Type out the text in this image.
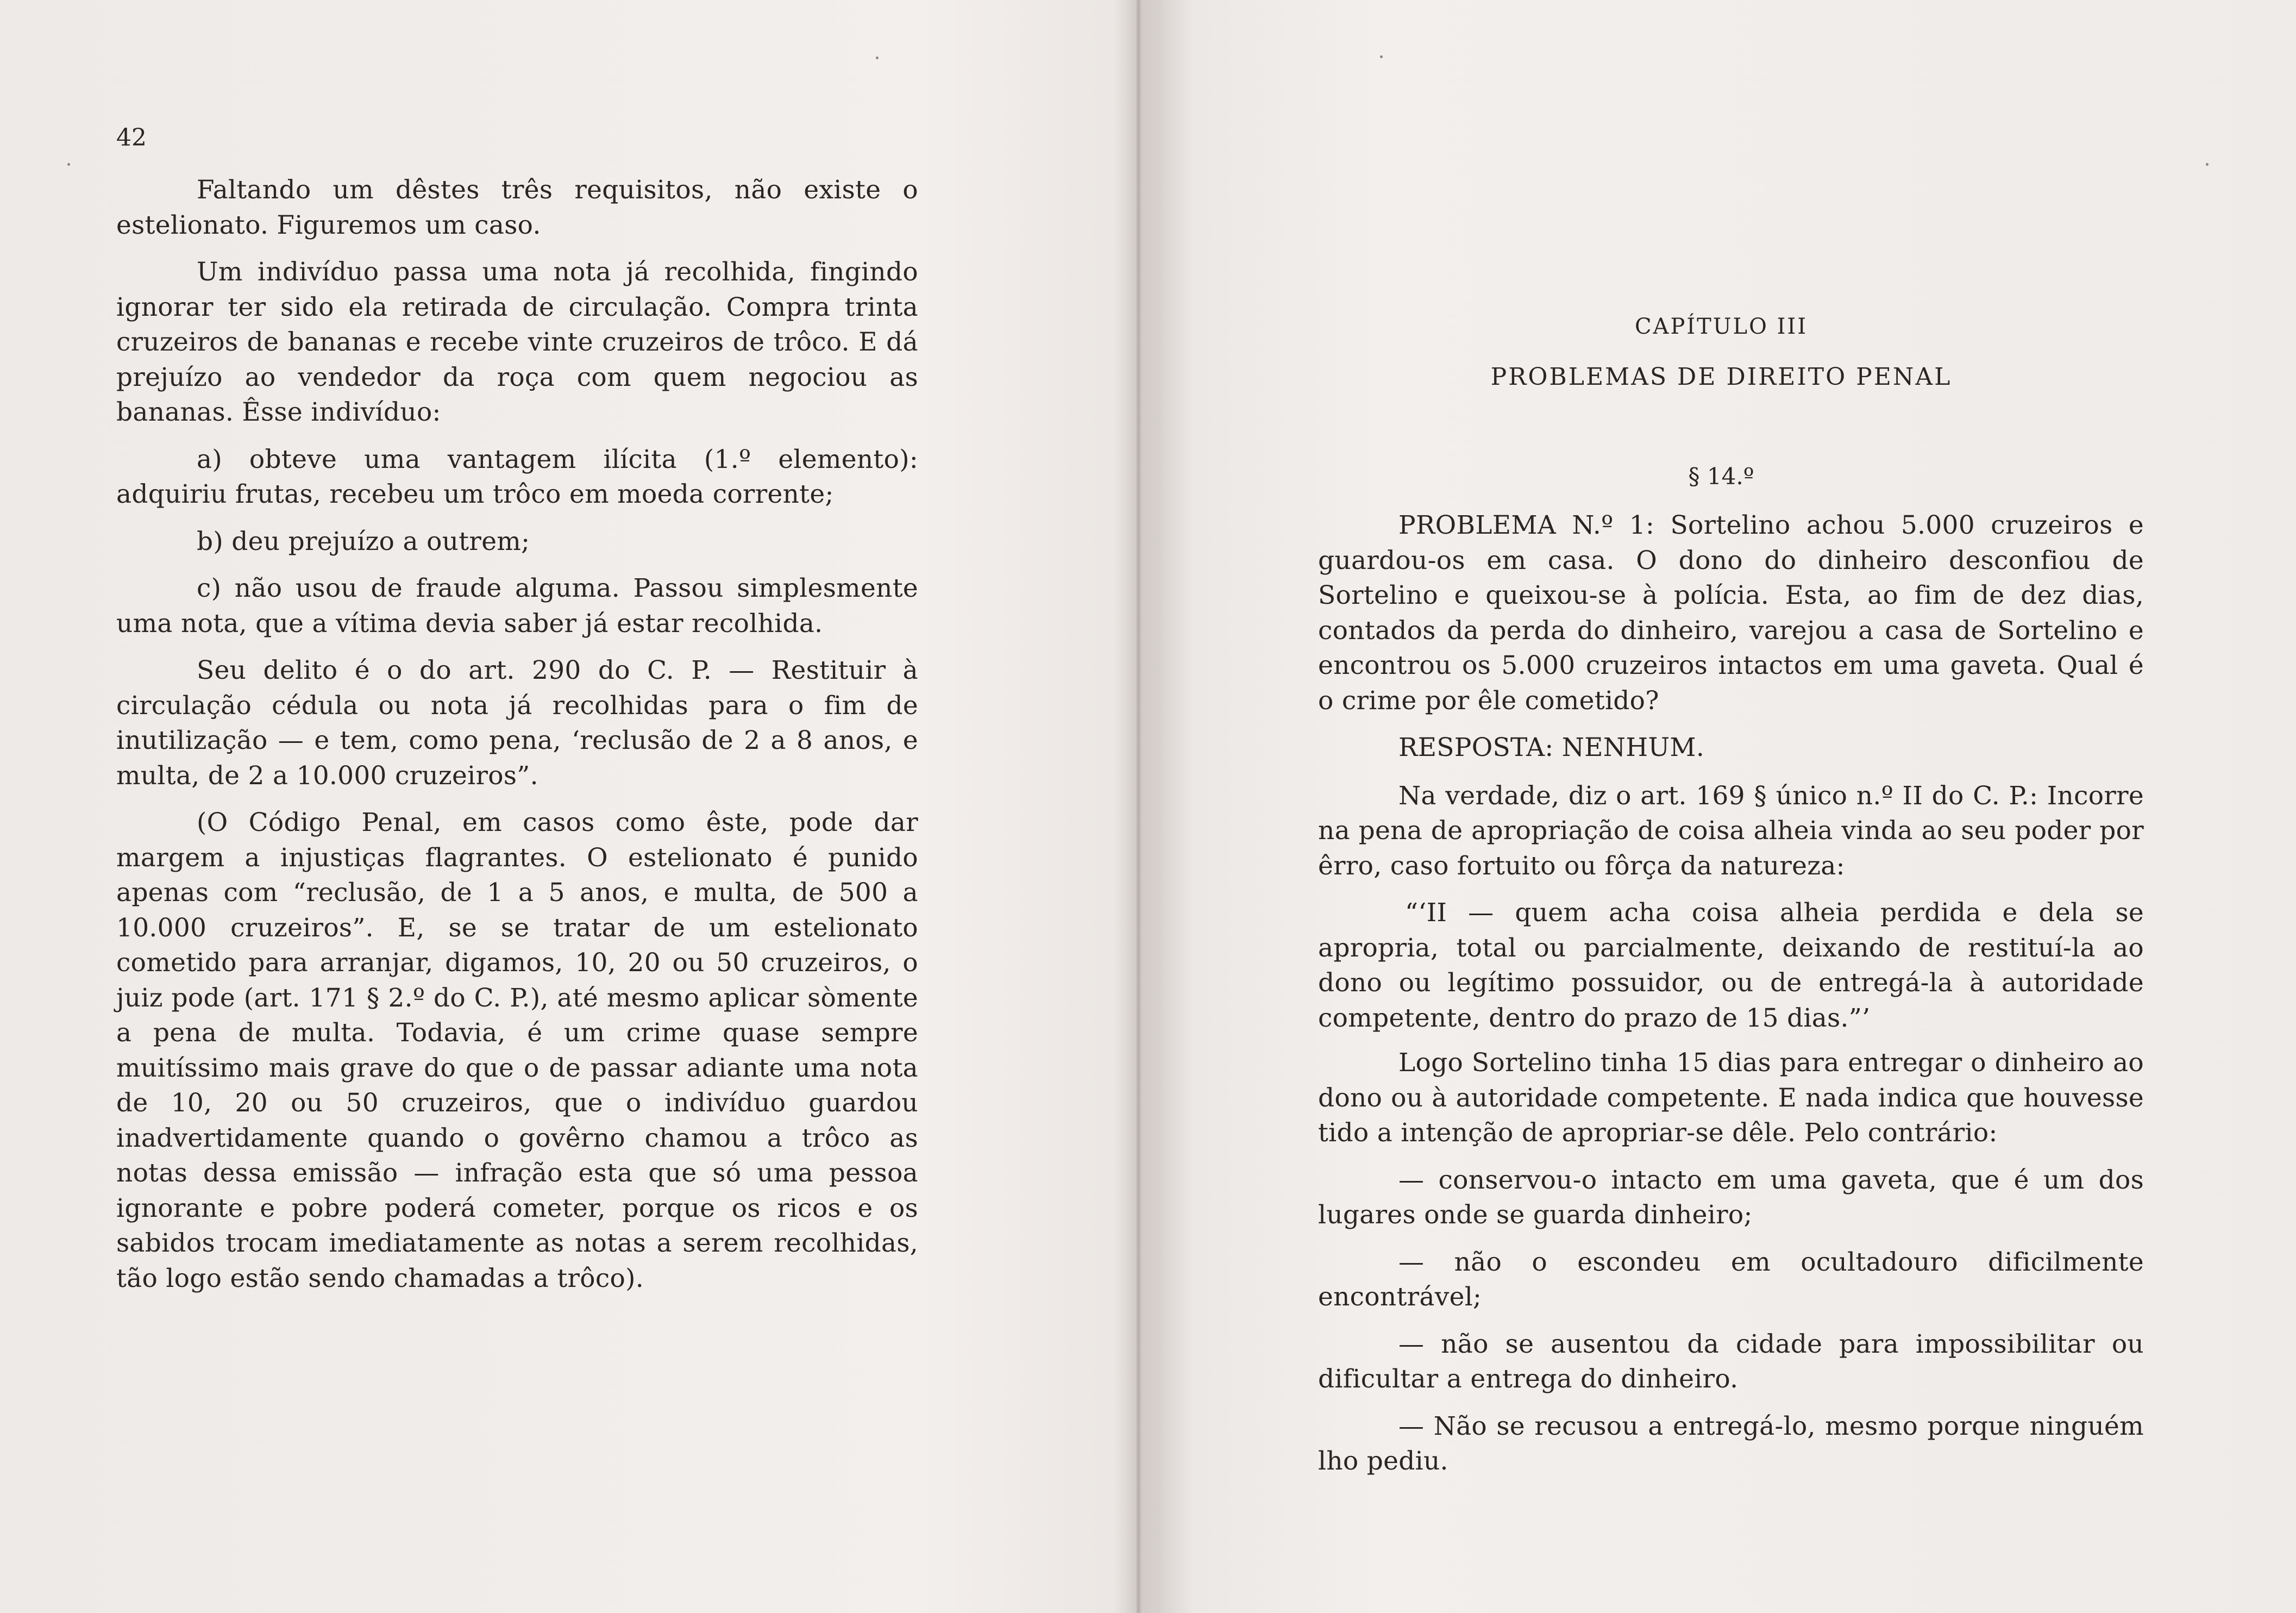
42

Faltando um dêstes três requisitos, não existe o estelionato. Figuremos um caso.

Um indivíduo passa uma nota já recolhida, fingindo ignorar ter sido ela retirada de circulação. Compra trinta cruzeiros de bananas e recebe vinte cruzeiros de trôco. E dá prejuízo ao vendedor da roça com quem negociou as bananas. Êsse indivíduo:

a) obteve uma vantagem ilícita (1.º elemento): adquiriu frutas, recebeu um trôco em moeda corrente;

b) deu prejuízo a outrem;

c) não usou de fraude alguma. Passou simplesmente uma nota, que a vítima devia saber já estar recolhida.

Seu delito é o do art. 290 do C. P. — Restituir à circulação cédula ou nota já recolhidas para o fim de inutilização — e tem, como pena, ‘reclusão de 2 a 8 anos, e multa, de 2 a 10.000 cruzeiros”.

(O Código Penal, em casos como êste, pode dar margem a injustiças flagrantes. O estelionato é punido apenas com “reclusão, de 1 a 5 anos, e multa, de 500 a 10.000 cruzeiros”. E, se se tratar de um estelionato cometido para arranjar, digamos, 10, 20 ou 50 cruzeiros, o juiz pode (art. 171 § 2.º do C. P.), até mesmo aplicar sòmente a pena de multa. Todavia, é um crime quase sempre muitíssimo mais grave do que o de passar adiante uma nota de 10, 20 ou 50 cruzeiros, que o indivíduo guardou inadvertidamente quando o govêrno chamou a trôco as notas dessa emissão — infração esta que só uma pessoa ignorante e pobre poderá cometer, porque os ricos e os sabidos trocam imediatamente as notas a serem recolhidas, tão logo estão sendo chamadas a trôco).

CAPÍTULO III
PROBLEMAS DE DIREITO PENAL
§ 14.º

PROBLEMA N.º 1: Sortelino achou 5.000 cruzeiros e guardou-os em casa. O dono do dinheiro desconfiou de Sortelino e queixou-se à polícia. Esta, ao fim de dez dias, contados da perda do dinheiro, varejou a casa de Sortelino e encontrou os 5.000 cruzeiros intactos em uma gaveta. Qual é o crime por êle cometido?

RESPOSTA: NENHUM.

Na verdade, diz o art. 169 § único n.º II do C. P.: Incorre na pena de apropriação de coisa alheia vinda ao seu poder por êrro, caso fortuito ou fôrça da natureza:

“‘II — quem acha coisa alheia perdida e dela se apropria, total ou parcialmente, deixando de restituí-la ao dono ou legítimo possuidor, ou de entregá-la à autoridade competente, dentro do prazo de 15 dias.”’

Logo Sortelino tinha 15 dias para entregar o dinheiro ao dono ou à autoridade competente. E nada indica que houvesse tido a intenção de apropriar-se dêle. Pelo contrário:

— conservou-o intacto em uma gaveta, que é um dos lugares onde se guarda dinheiro;

— não o escondeu em ocultadouro dificilmente encontrável;

— não se ausentou da cidade para impossibilitar ou dificultar a entrega do dinheiro.

— Não se recusou a entregá-lo, mesmo porque ninguém lho pediu.
